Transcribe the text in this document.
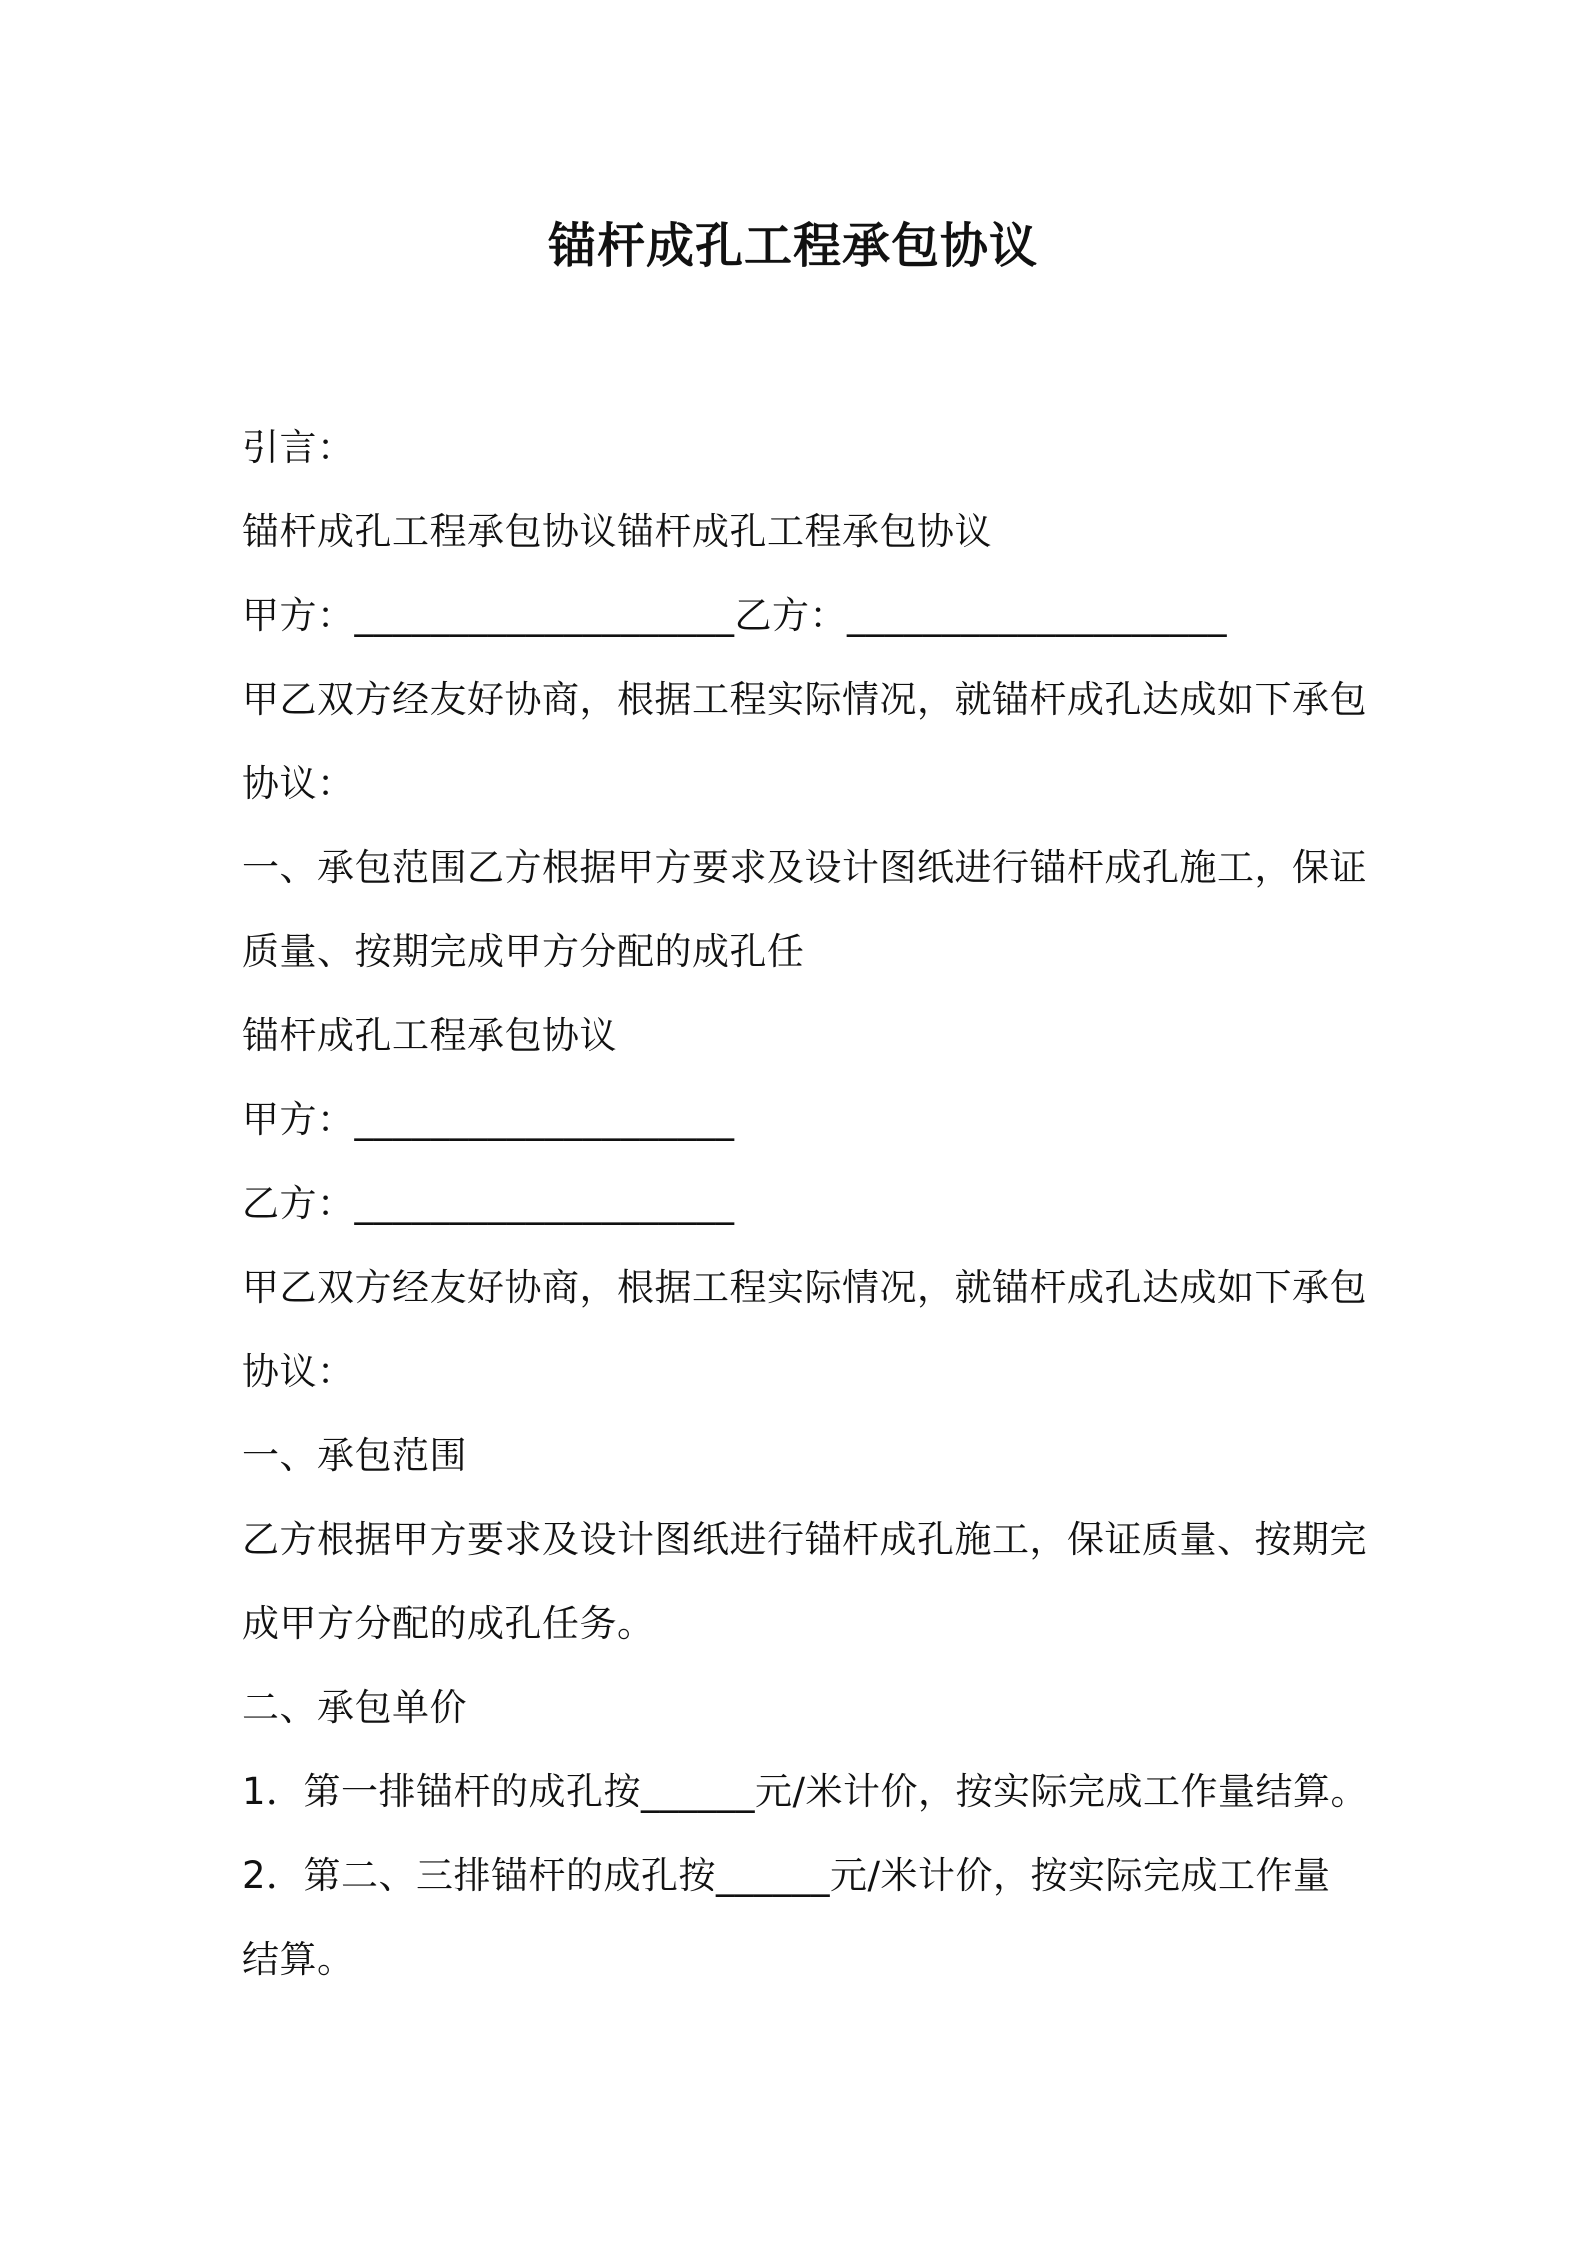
锚杆成孔工程承包协议
引言：
锚杆成孔工程承包协议锚杆成孔工程承包协议
甲方：____________________乙方：____________________
甲乙双方经友好协商，根据工程实际情况，就锚杆成孔达成如下承包
协议：
一、承包范围乙方根据甲方要求及设计图纸进行锚杆成孔施工，保证
质量、按期完成甲方分配的成孔任
锚杆成孔工程承包协议
甲方：____________________
乙方：____________________
甲乙双方经友好协商，根据工程实际情况，就锚杆成孔达成如下承包
协议：
一、承包范围
乙方根据甲方要求及设计图纸进行锚杆成孔施工，保证质量、按期完
成甲方分配的成孔任务。
二、承包单价
1．第一排锚杆的成孔按______元/米计价，按实际完成工作量结算。
2．第二、三排锚杆的成孔按______元/米计价，按实际完成工作量
结算。
